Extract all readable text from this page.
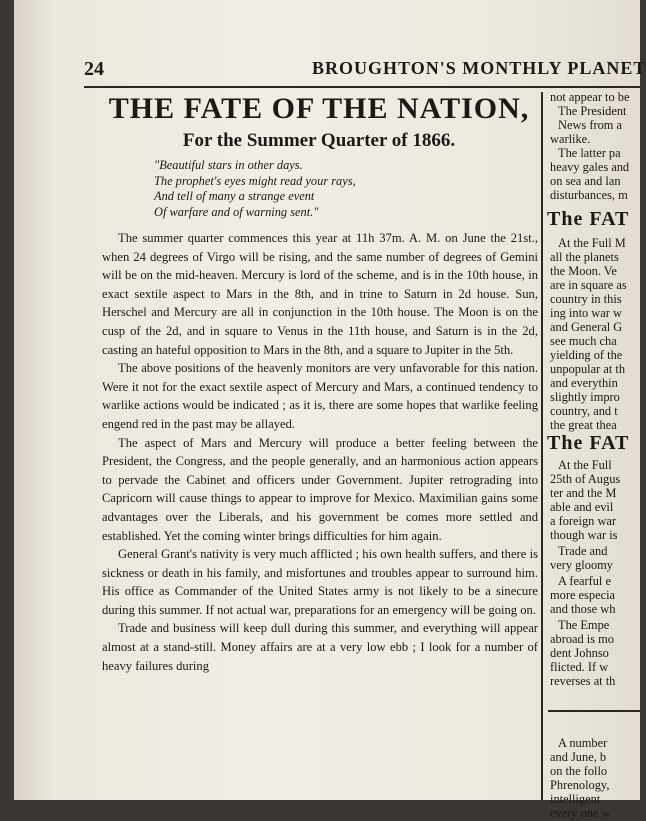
24	BROUGHTON'S MONTHLY PLANET
THE FATE OF THE NATION,
For the Summer Quarter of 1866.
"Beautiful stars in other days.
The prophet's eyes might read your rays,
And tell of many a strange event
Of warfare and of warning sent."

The summer quarter commences this year at 11h 37m. A. M. on June the 21st., when 24 degrees of Virgo will be rising, and the same number of degrees of Gemini will be on the mid-heaven. Mercury is lord of the scheme, and is in the 10th house, in exact sextile aspect to Mars in the 8th, and in trine to Saturn in 2d house. Sun, Herschel and Mercury are all in conjunction in the 10th house. The Moon is on the cusp of the 2d, and in square to Venus in the 11th house, and Saturn is in the 2d, casting an hateful opposition to Mars in the 8th, and a square to Jupiter in the 5th.

The above positions of the heavenly monitors are very unfavorable for this nation. Were it not for the exact sextile aspect of Mercury and Mars, a continued tendency to warlike actions would be indicated ; as it is, there are some hopes that warlike feeling engend red in the past may be allayed.

The aspect of Mars and Mercury will produce a better feeling between the President, the Congress, and the people generally, and an harmonious action appears to pervade the Cabinet and officers under Government. Jupiter retrograding into Capricorn will cause things to appear to improve for Mexico. Maximilian gains some advantages over the Liberals, and his government be comes more settled and established. Yet the coming winter brings difficulties for him again.

General Grant's nativity is very much afflicted ; his own health suffers, and there is sickness or death in his family, and misfortunes and troubles appear to surround him. His office as Commander of the United States army is not likely to be a sinecure during this summer. If not actual war, preparations for an emergency will be going on.

Trade and business will keep dull during this summer, and everything will appear almost at a stand-still. Money affairs are at a very low ebb ; I look for a number of heavy failures during

not appear to be
The President
News from a
warlike.
The latter pa
heavy gales and
on sea and lan
disturbances, m
The FAT
At the Full M
all the planets
the Moon. Ve
are in square as
country in this
ing into war w
and General G
see much cha
yielding of the
unpopular at th
and everythin
slightly impro
country, and t
the great thea
The FAT
At the Full
25th of Augus
ter and the M
able and evil
a foreign war
though war is
Trade and
very gloomy
A fearful e
more especia
and those wh
The Empe
abroad is mo
dent Johnso
flicted. If w
reverses at th
A number
and June, b
on the follo
Phrenology,
intelligent
every one w
